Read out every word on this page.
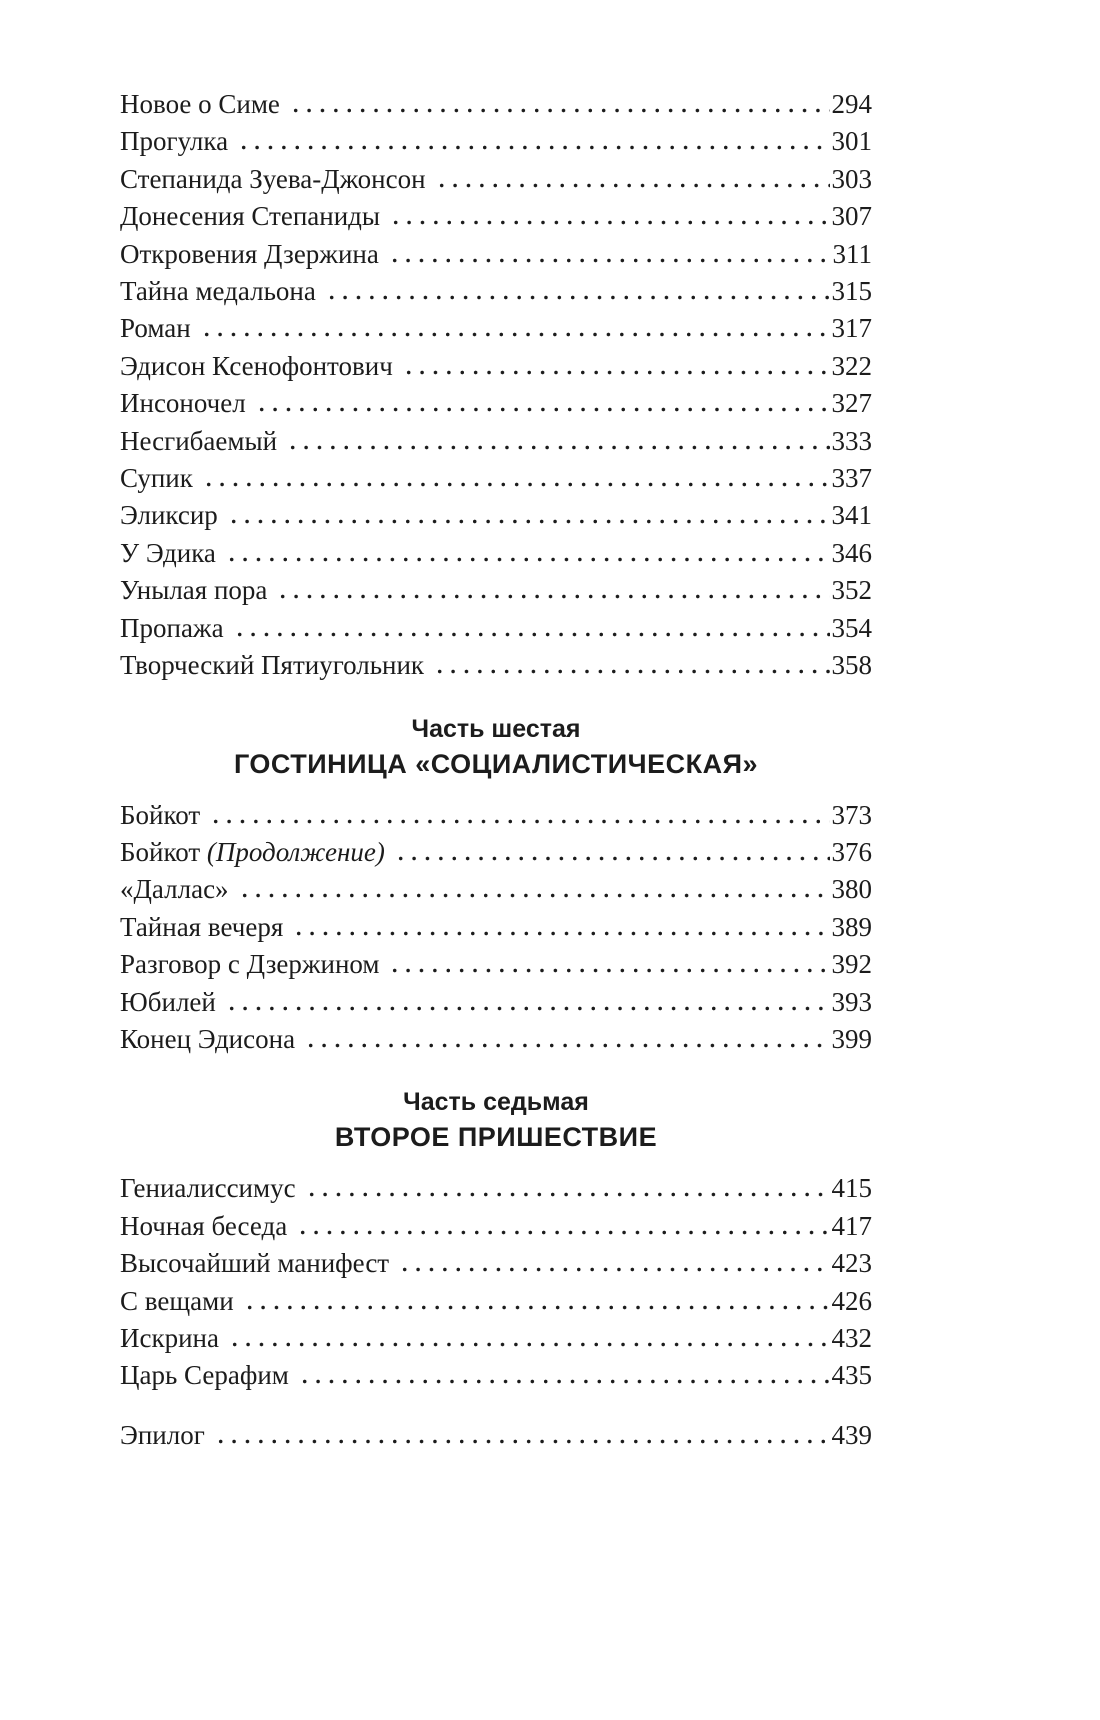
Новое о Симе	294
Прогулка	301
Степанида Зуева-Джонсон	303
Донесения Степаниды	307
Откровения Дзержина	311
Тайна медальона	315
Роман	317
Эдисон Ксенофонтович	322
Инсоночел	327
Несгибаемый	333
Супик	337
Эликсир	341
У Эдика	346
Унылая пора	352
Пропажа	354
Творческий Пятиугольник	358
Часть шестая
ГОСТИНИЦА «СОЦИАЛИСТИЧЕСКАЯ»
Бойкот	373
Бойкот (Продолжение)	376
«Даллас»	380
Тайная вечеря	389
Разговор с Дзержином	392
Юбилей	393
Конец Эдисона	399
Часть седьмая
ВТОРОЕ ПРИШЕСТВИЕ
Гениалиссимус	415
Ночная беседа	417
Высочайший манифест	423
С вещами	426
Искрина	432
Царь Серафим	435
Эпилог	439
